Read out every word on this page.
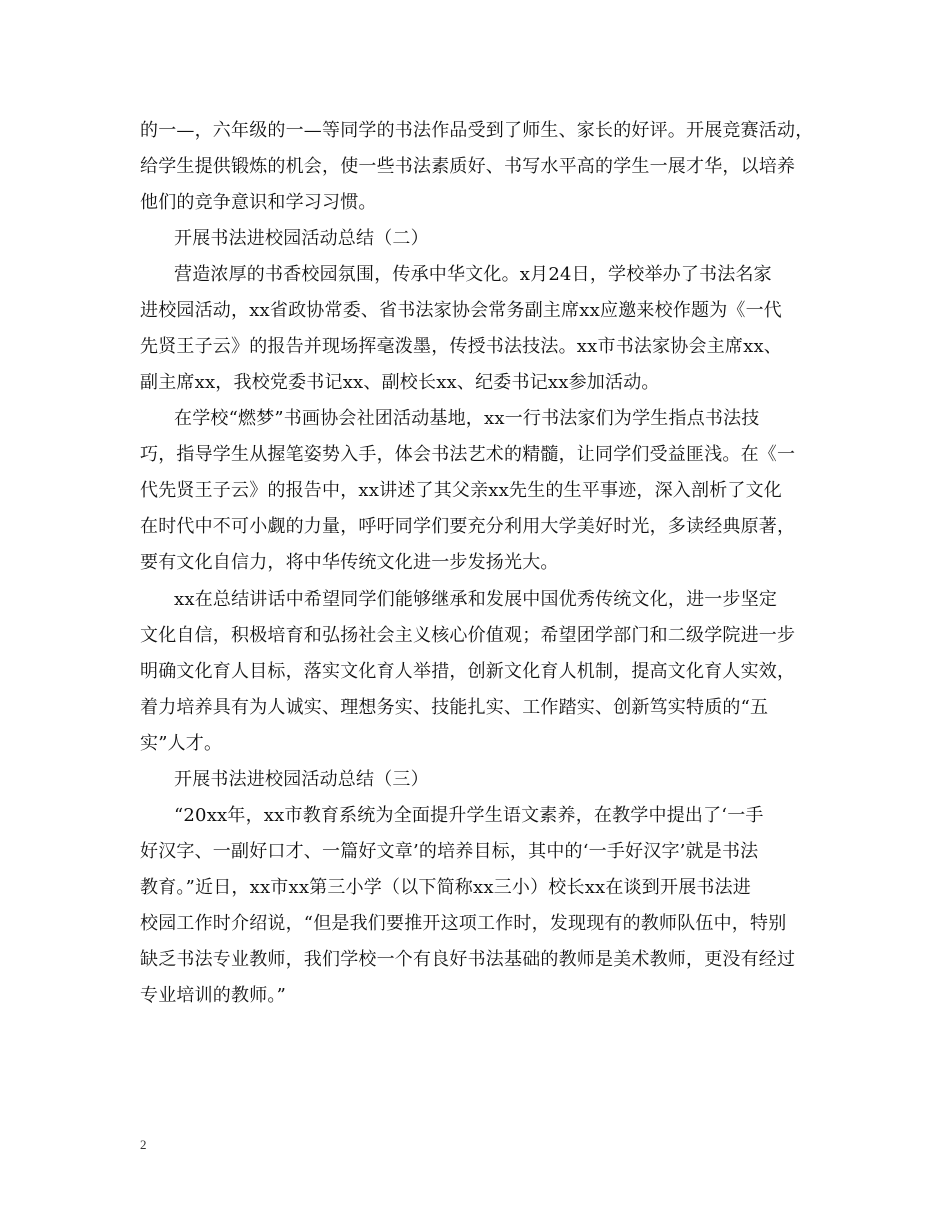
的一—，六年级的一—等同学的书法作品受到了师生、家长的好评。开展竞赛活动，
给学生提供锻炼的机会，使一些书法素质好、书写水平高的学生一展才华，以培养
他们的竞争意识和学习习惯。
开展书法进校园活动总结（二）
营造浓厚的书香校园氛围，传承中华文化。x月24日，学校举办了书法名家
进校园活动，xx省政协常委、省书法家协会常务副主席xx应邀来校作题为《一代
先贤王子云》的报告并现场挥毫泼墨，传授书法技法。xx市书法家协会主席xx、
副主席xx，我校党委书记xx、副校长xx、纪委书记xx参加活动。
在学校“燃梦”书画协会社团活动基地，xx一行书法家们为学生指点书法技
巧，指导学生从握笔姿势入手，体会书法艺术的精髓，让同学们受益匪浅。在《一
代先贤王子云》的报告中，xx讲述了其父亲xx先生的生平事迹，深入剖析了文化
在时代中不可小觑的力量，呼吁同学们要充分利用大学美好时光，多读经典原著，
要有文化自信力，将中华传统文化进一步发扬光大。
xx在总结讲话中希望同学们能够继承和发展中国优秀传统文化，进一步坚定
文化自信，积极培育和弘扬社会主义核心价值观；希望团学部门和二级学院进一步
明确文化育人目标，落实文化育人举措，创新文化育人机制，提高文化育人实效，
着力培养具有为人诚实、理想务实、技能扎实、工作踏实、创新笃实特质的“五
实”人才。
开展书法进校园活动总结（三）
“20xx年，xx市教育系统为全面提升学生语文素养，在教学中提出了‘一手
好汉字、一副好口才、一篇好文章’的培养目标，其中的‘一手好汉字’就是书法
教育。”近日，xx市xx第三小学（以下简称xx三小）校长xx在谈到开展书法进
校园工作时介绍说，“但是我们要推开这项工作时，发现现有的教师队伍中，特别
缺乏书法专业教师，我们学校一个有良好书法基础的教师是美术教师，更没有经过
专业培训的教师。”
2
